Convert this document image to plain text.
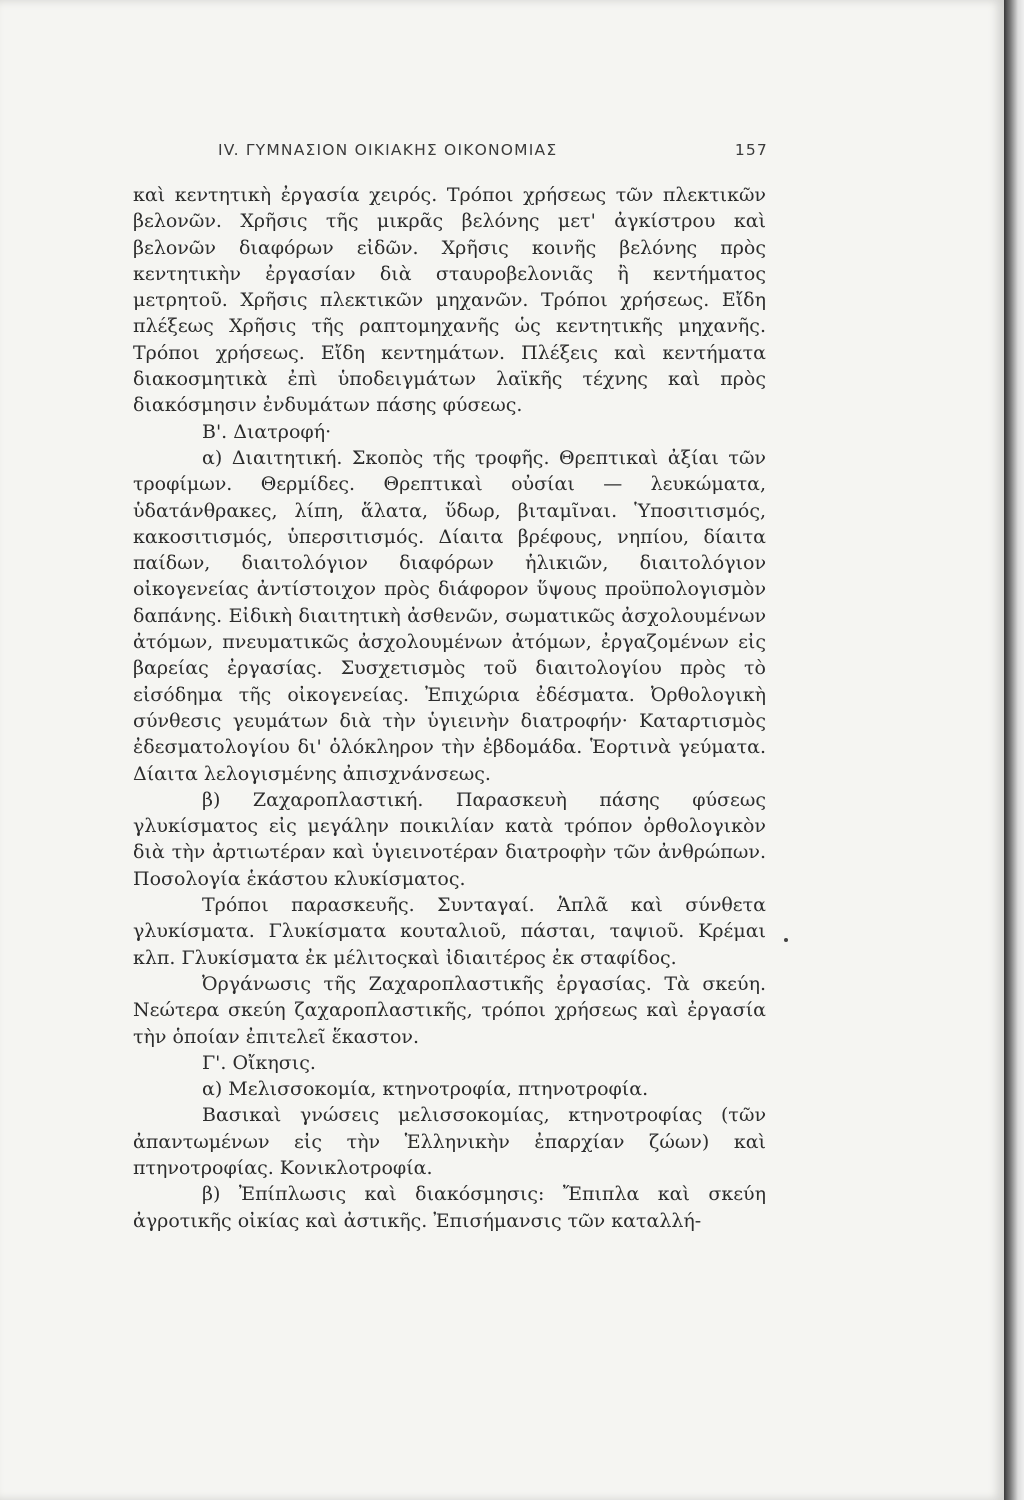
IV. ΓΥΜΝΑΣΙΟΝ ΟΙΚΙΑΚΗΣ ΟΙΚΟΝΟΜΙΑΣ	157

καὶ κεντητικὴ ἐργασία χειρός. Τρόποι χρήσεως τῶν πλεκτικῶν βελονῶν. Χρῆσις τῆς μικρᾶς βελόνης μετ' ἀγκίστρου καὶ βελονῶν διαφόρων εἰδῶν. Χρῆσις κοινῆς βελόνης πρὸς κεντητικὴν ἐργασίαν διὰ σταυροβελονιᾶς ἢ κεντήματος μετρητοῦ. Χρῆσις πλεκτικῶν μηχανῶν. Τρόποι χρήσεως. Εἴδη πλέξεως Χρῆσις τῆς ραπτομηχανῆς ὡς κεντητικῆς μηχανῆς. Τρόποι χρήσεως. Εἴδη κεντημάτων. Πλέξεις καὶ κεντήματα διακοσμητικὰ ἐπὶ ὑποδειγμάτων λαϊκῆς τέχνης καὶ πρὸς διακόσμησιν ἐνδυμάτων πάσης φύσεως.

Β'. Διατροφή·

α) Διαιτητική. Σκοπὸς τῆς τροφῆς. Θρεπτικαὶ ἀξίαι τῶν τροφίμων. Θερμίδες. Θρεπτικαὶ οὐσίαι — λευκώματα, ὑδατάνθρακες, λίπη, ἅλατα, ὕδωρ, βιταμῖναι. Ὑποσιτισμός, κακοσιτισμός, ὑπερσιτισμός. Δίαιτα βρέφους, νηπίου, δίαιτα παίδων, διαιτολόγιον διαφόρων ἡλικιῶν, διαιτολόγιον οἰκογενείας ἀντίστοιχον πρὸς διάφορον ὕψους προϋπολογισμὸν δαπάνης. Εἰδικὴ διαιτητικὴ ἀσθενῶν, σωματικῶς ἀσχολουμένων ἀτόμων, πνευματικῶς ἀσχολουμένων ἀτόμων, ἐργαζομένων εἰς βαρείας ἐργασίας. Συσχετισμὸς τοῦ διαιτολογίου πρὸς τὸ εἰσόδημα τῆς οἰκογενείας. Ἐπιχώρια ἐδέσματα. Ὀρθολογικὴ σύνθεσις γευμάτων διὰ τὴν ὑγιεινὴν διατροφήν· Καταρτισμὸς ἐδεσματολογίου δι' ὁλόκληρον τὴν ἑβδομάδα. Ἑορτινὰ γεύματα. Δίαιτα λελογισμένης ἀπισχνάνσεως.

β) Ζαχαροπλαστική. Παρασκευὴ πάσης φύσεως γλυκίσματος εἰς μεγάλην ποικιλίαν κατὰ τρόπον ὀρθολογικὸν διὰ τὴν ἀρτιωτέραν καὶ ὑγιεινοτέραν διατροφὴν τῶν ἀνθρώπων. Ποσολογία ἑκάστου κλυκίσματος.

Τρόποι παρασκευῆς. Συνταγαί. Ἁπλᾶ καὶ σύνθετα γλυκίσματα. Γλυκίσματα κουταλιοῦ, πάσται, ταψιοῦ. Κρέμαι κλπ. Γλυκίσματα ἐκ μέλιτοςκαὶ ἰδιαιτέρος ἐκ σταφίδος.

Ὀργάνωσις τῆς Ζαχαροπλαστικῆς ἐργασίας. Τὰ σκεύη. Νεώτερα σκεύη ζαχαροπλαστικῆς, τρόποι χρήσεως καὶ ἐργασία τὴν ὁποίαν ἐπιτελεῖ ἕκαστον.

Γ'. Οἴκησις.

α) Μελισσοκομία, κτηνοτροφία, πτηνοτροφία.

Βασικαὶ γνώσεις μελισσοκομίας, κτηνοτροφίας (τῶν ἀπαντωμένων εἰς τὴν Ἑλληνικὴν ἐπαρχίαν ζώων) καὶ πτηνοτροφίας. Κονικλοτροφία.

β) Ἐπίπλωσις καὶ διακόσμησις: Ἔπιπλα καὶ σκεύη ἀγροτικῆς οἰκίας καὶ ἀστικῆς. Ἐπισήμανσις τῶν καταλλή-
